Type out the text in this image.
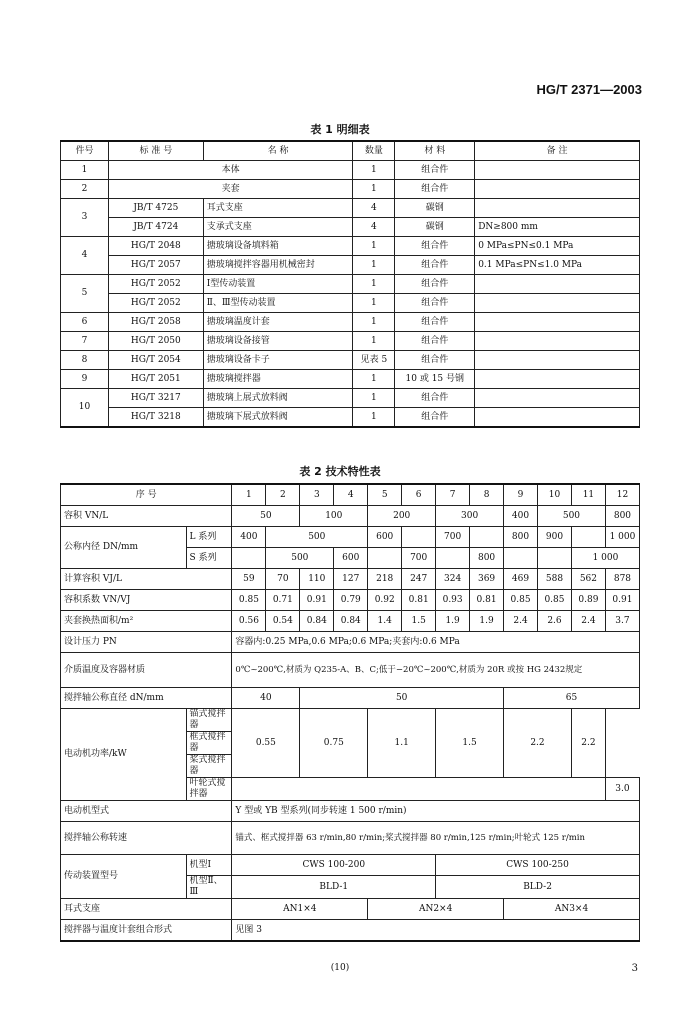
HG/T 2371—2003
表 1 明细表
件号	标 准 号	名 称	数量	材 料	备 注
1	本体		1	组合件	
2	夹套		1	组合件	
3	JB/T 4725	耳式支座	4	碳钢	
	JB/T 4724	支承式支座	4	碳钢	DN≥800 mm
4	HG/T 2048	搪玻璃设备填料箱	1	组合件	0 MPa≤PN≤0.1 MPa
	HG/T 2057	搪玻璃搅拌容器用机械密封	1	组合件	0.1 MPa≤PN≤1.0 MPa
5	HG/T 2052	Ⅰ型传动装置	1	组合件	
	HG/T 2052	Ⅱ、Ⅲ型传动装置	1	组合件	
6	HG/T 2058	搪玻璃温度计套	1	组合件	
7	HG/T 2050	搪玻璃设备接管	1	组合件	
8	HG/T 2054	搪玻璃设备卡子	见表 5	组合件	
9	HG/T 2051	搪玻璃搅拌器	1	10 或 15 号钢	
10	HG/T 3217	搪玻璃上展式放料阀	1	组合件	
	HG/T 3218	搪玻璃下展式放料阀	1	组合件	
表 2 技术特性表
序 号		1	2	3	4	5	6	7	8	9	10	11	12
容积 VN/L		50		100		200		300		400	500		800
公称内径 DN/mm	L 系列	400	500			600		700		800	900		1 000
	S 系列		500		600		700		800			1 000	
计算容积 VJ/L		59	70	110	127	218	247	324	369	469	588	562	878
容积系数 VN/VJ		0.85	0.71	0.91	0.79	0.92	0.81	0.93	0.81	0.85	0.85	0.89	0.91
夹套换热面积/m²		0.56	0.54	0.84	0.84	1.4	1.5	1.9	1.9	2.4	2.6	2.4	3.7
设计压力 PN		容器内:0.25 MPa,0.6 MPa;0.6 MPa;夹套内:0.6 MPa											
介质温度及容器材质		0℃~200℃,材质为 Q235-A、B、C;低于−20℃~200℃,材质为 20R 或按 HG 2432规定											
搅拌轴公称直径 dN/mm		40		50						65			
电动机功率/kW	锚式搅拌器	0.55		0.75		1.1		1.5		2.2		2.2	
	框式搅拌器												
	桨式搅拌器												
	叶轮式搅拌器												3.0
电动机型式		Y 型或 YB 型系列(同步转速 1 500 r/min)											
搅拌轴公称转速		锚式、框式搅拌器 63 r/min,80 r/min;桨式搅拌器 80 r/min,125 r/min;叶轮式 125 r/min											
传动装置型号	机型Ⅰ	CWS 100-200						CWS 100-250					
	机型Ⅱ、Ⅲ	BLD-1						BLD-2					
耳式支座		AN1×4				AN2×4				AN3×4			
搅拌器与温度计套组合形式		见图 3											
(10)	3
